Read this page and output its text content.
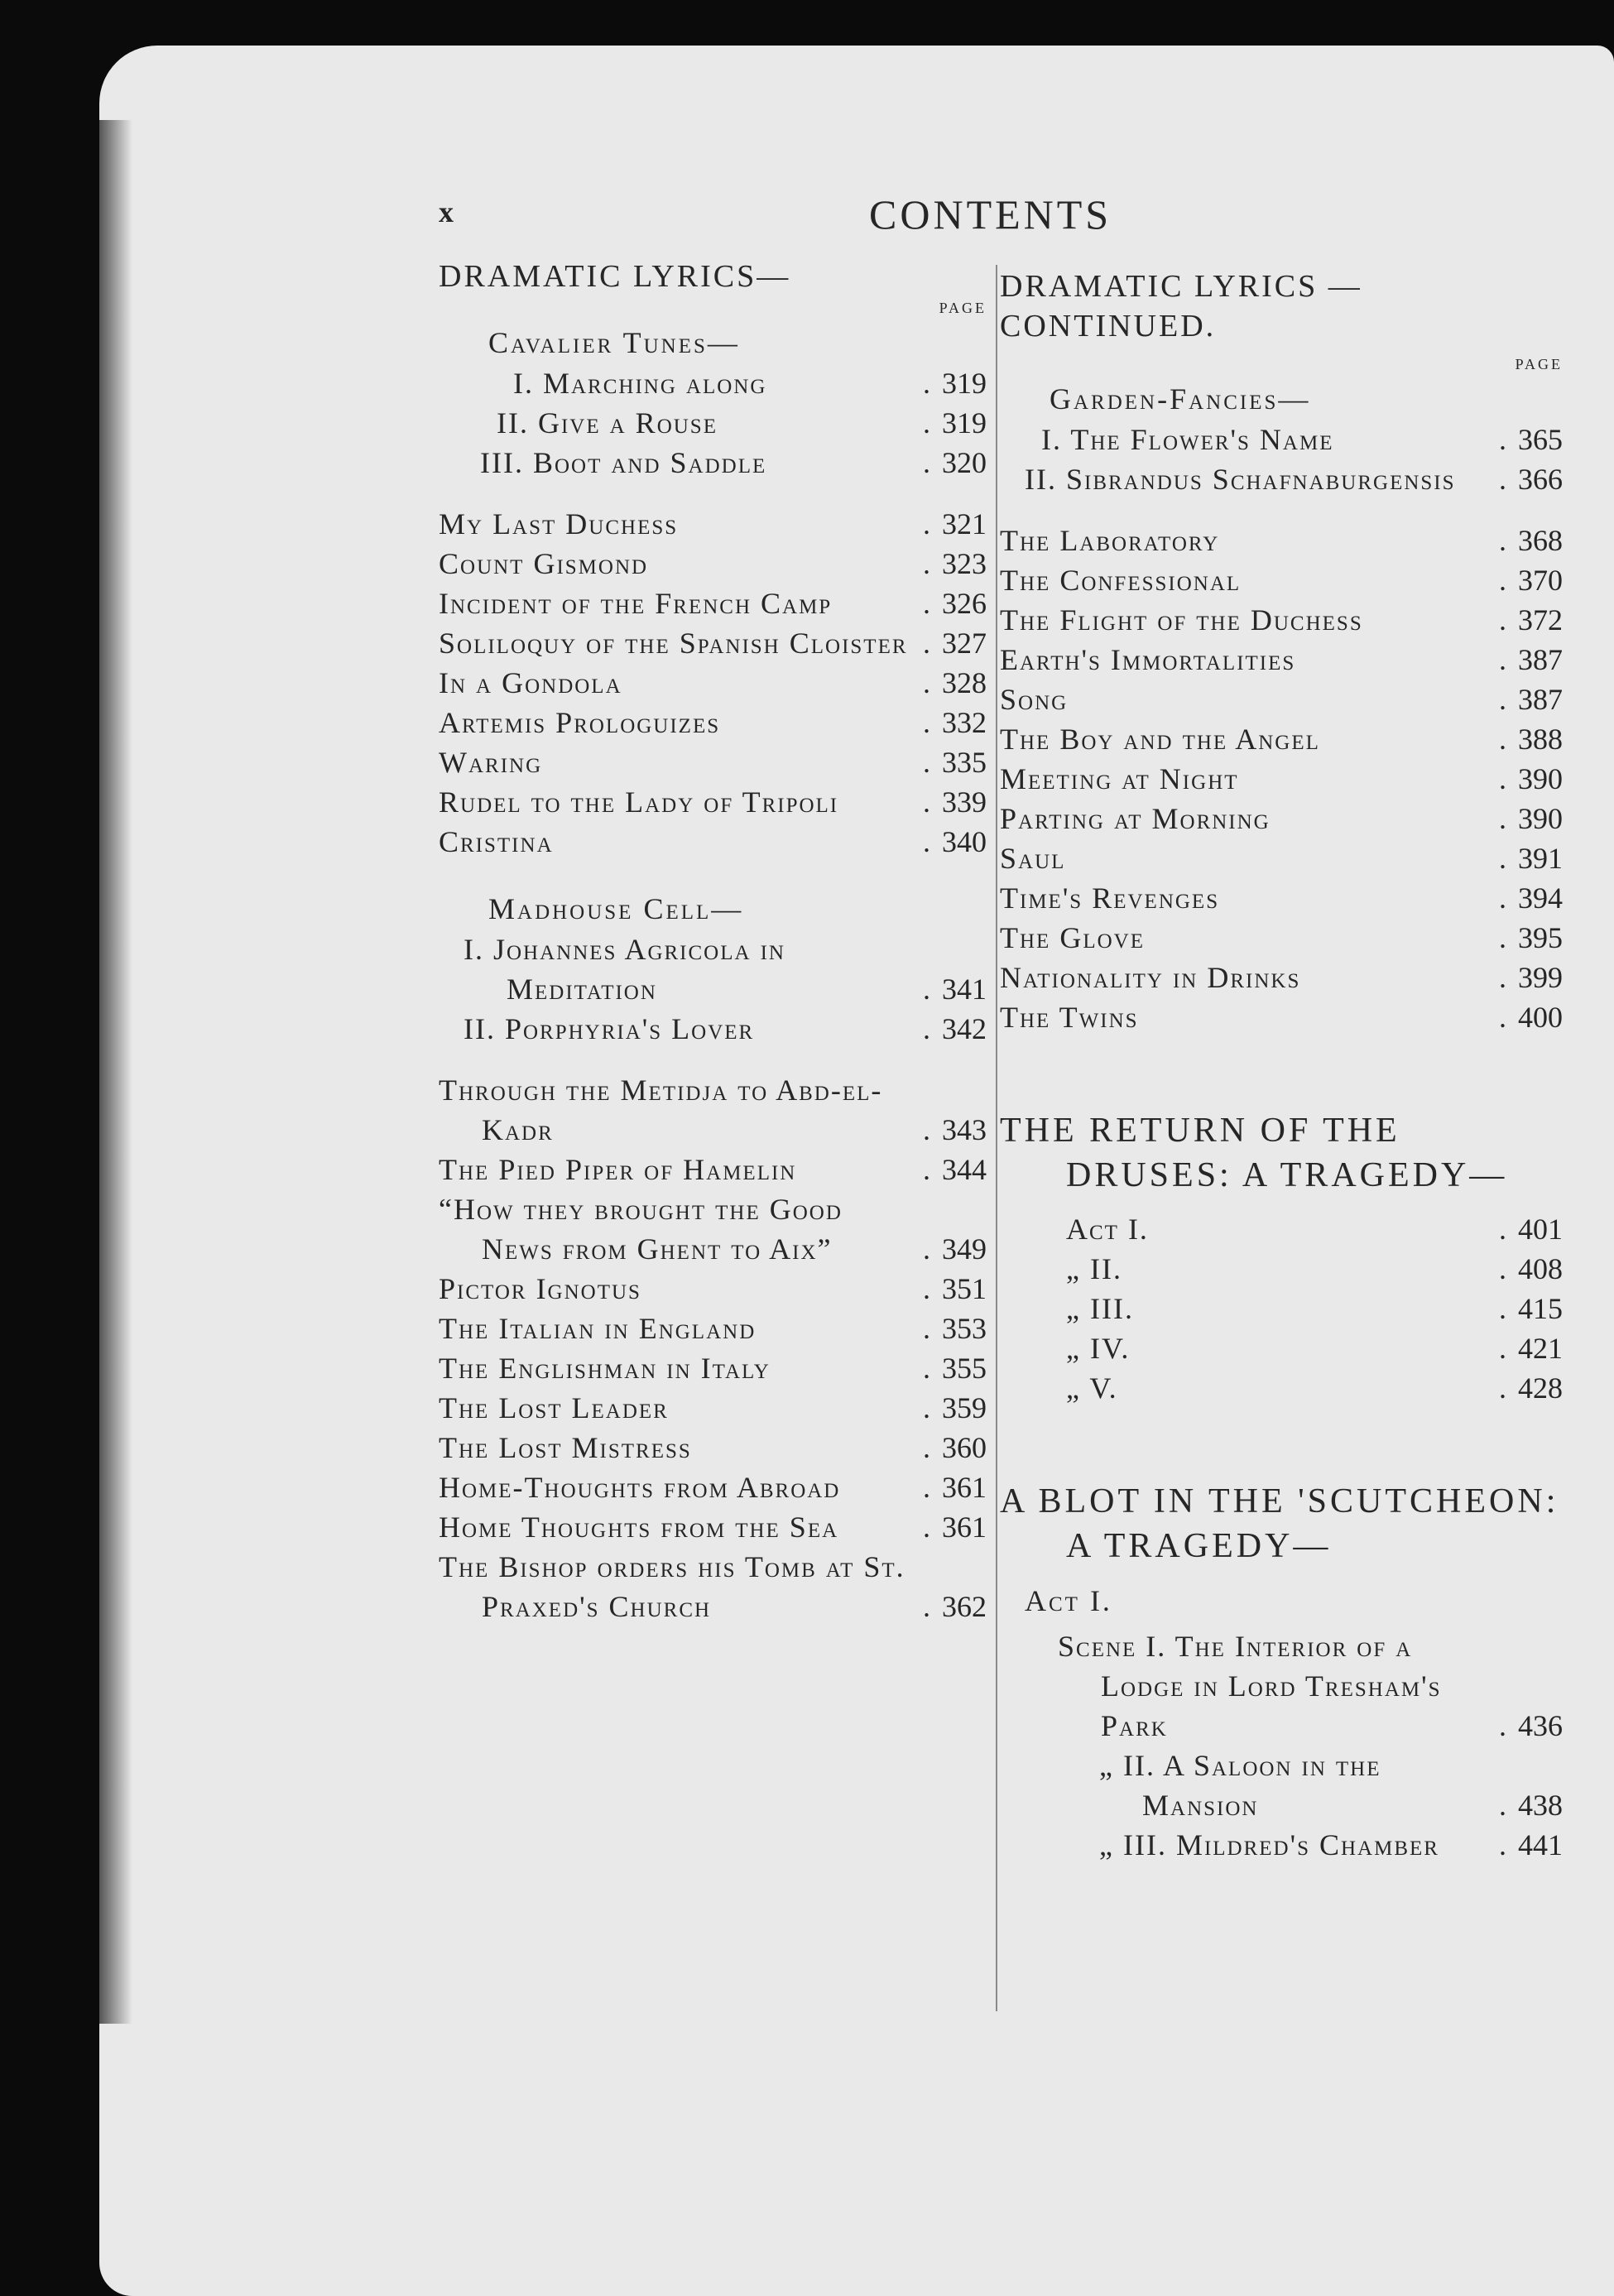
x	CONTENTS
DRAMATIC LYRICS—
PAGE
Cavalier Tunes—
I. Marching along	. 319
II. Give a Rouse	. 319
III. Boot and Saddle	. 320
My Last Duchess	. 321
Count Gismond	. 323
Incident of the French Camp	. 326
Soliloquy of the Spanish Cloister . 327
In a Gondola	. 328
Artemis Prologuizes	. 332
Waring	. 335
Rudel to the Lady of Tripoli	. 339
Cristina	. 340
Madhouse Cell—
I. Johannes Agricola in Meditation	. 341
II. Porphyria's Lover	. 342
Through the Metidja to Abd-el-Kadr	. 343
The Pied Piper of Hamelin	. 344
“How they brought the Good News from Ghent to Aix”	. 349
Pictor Ignotus	. 351
The Italian in England	. 353
The Englishman in Italy	. 355
The Lost Leader	. 359
The Lost Mistress	. 360
Home-Thoughts from Abroad	. 361
Home Thoughts from the Sea	. 361
The Bishop orders his Tomb at St. Praxed's Church	. 362
DRAMATIC LYRICS — CONTINUED.
PAGE
Garden-Fancies—
I. The Flower's Name	. 365
II. Sibrandus Schafnaburgensis	. 366
The Laboratory	. 368
The Confessional	. 370
The Flight of the Duchess	. 372
Earth's Immortalities	. 387
Song	. 387
The Boy and the Angel	. 388
Meeting at Night	. 390
Parting at Morning	. 390
Saul	. 391
Time's Revenges	. 394
The Glove	. 395
Nationality in Drinks	. 399
The Twins	. 400
THE RETURN OF THE DRUSES: A TRAGEDY—
Act I.	. 401
„ II.	. 408
„ III.	. 415
„ IV.	. 421
„ V.	. 428
A BLOT IN THE 'SCUTCHEON: A TRAGEDY—
Act I.
Scene I. The Interior of a Lodge in Lord Tresham's Park	. 436
„ II. A Saloon in the Mansion	. 438
„ III. Mildred's Chamber	. 441
